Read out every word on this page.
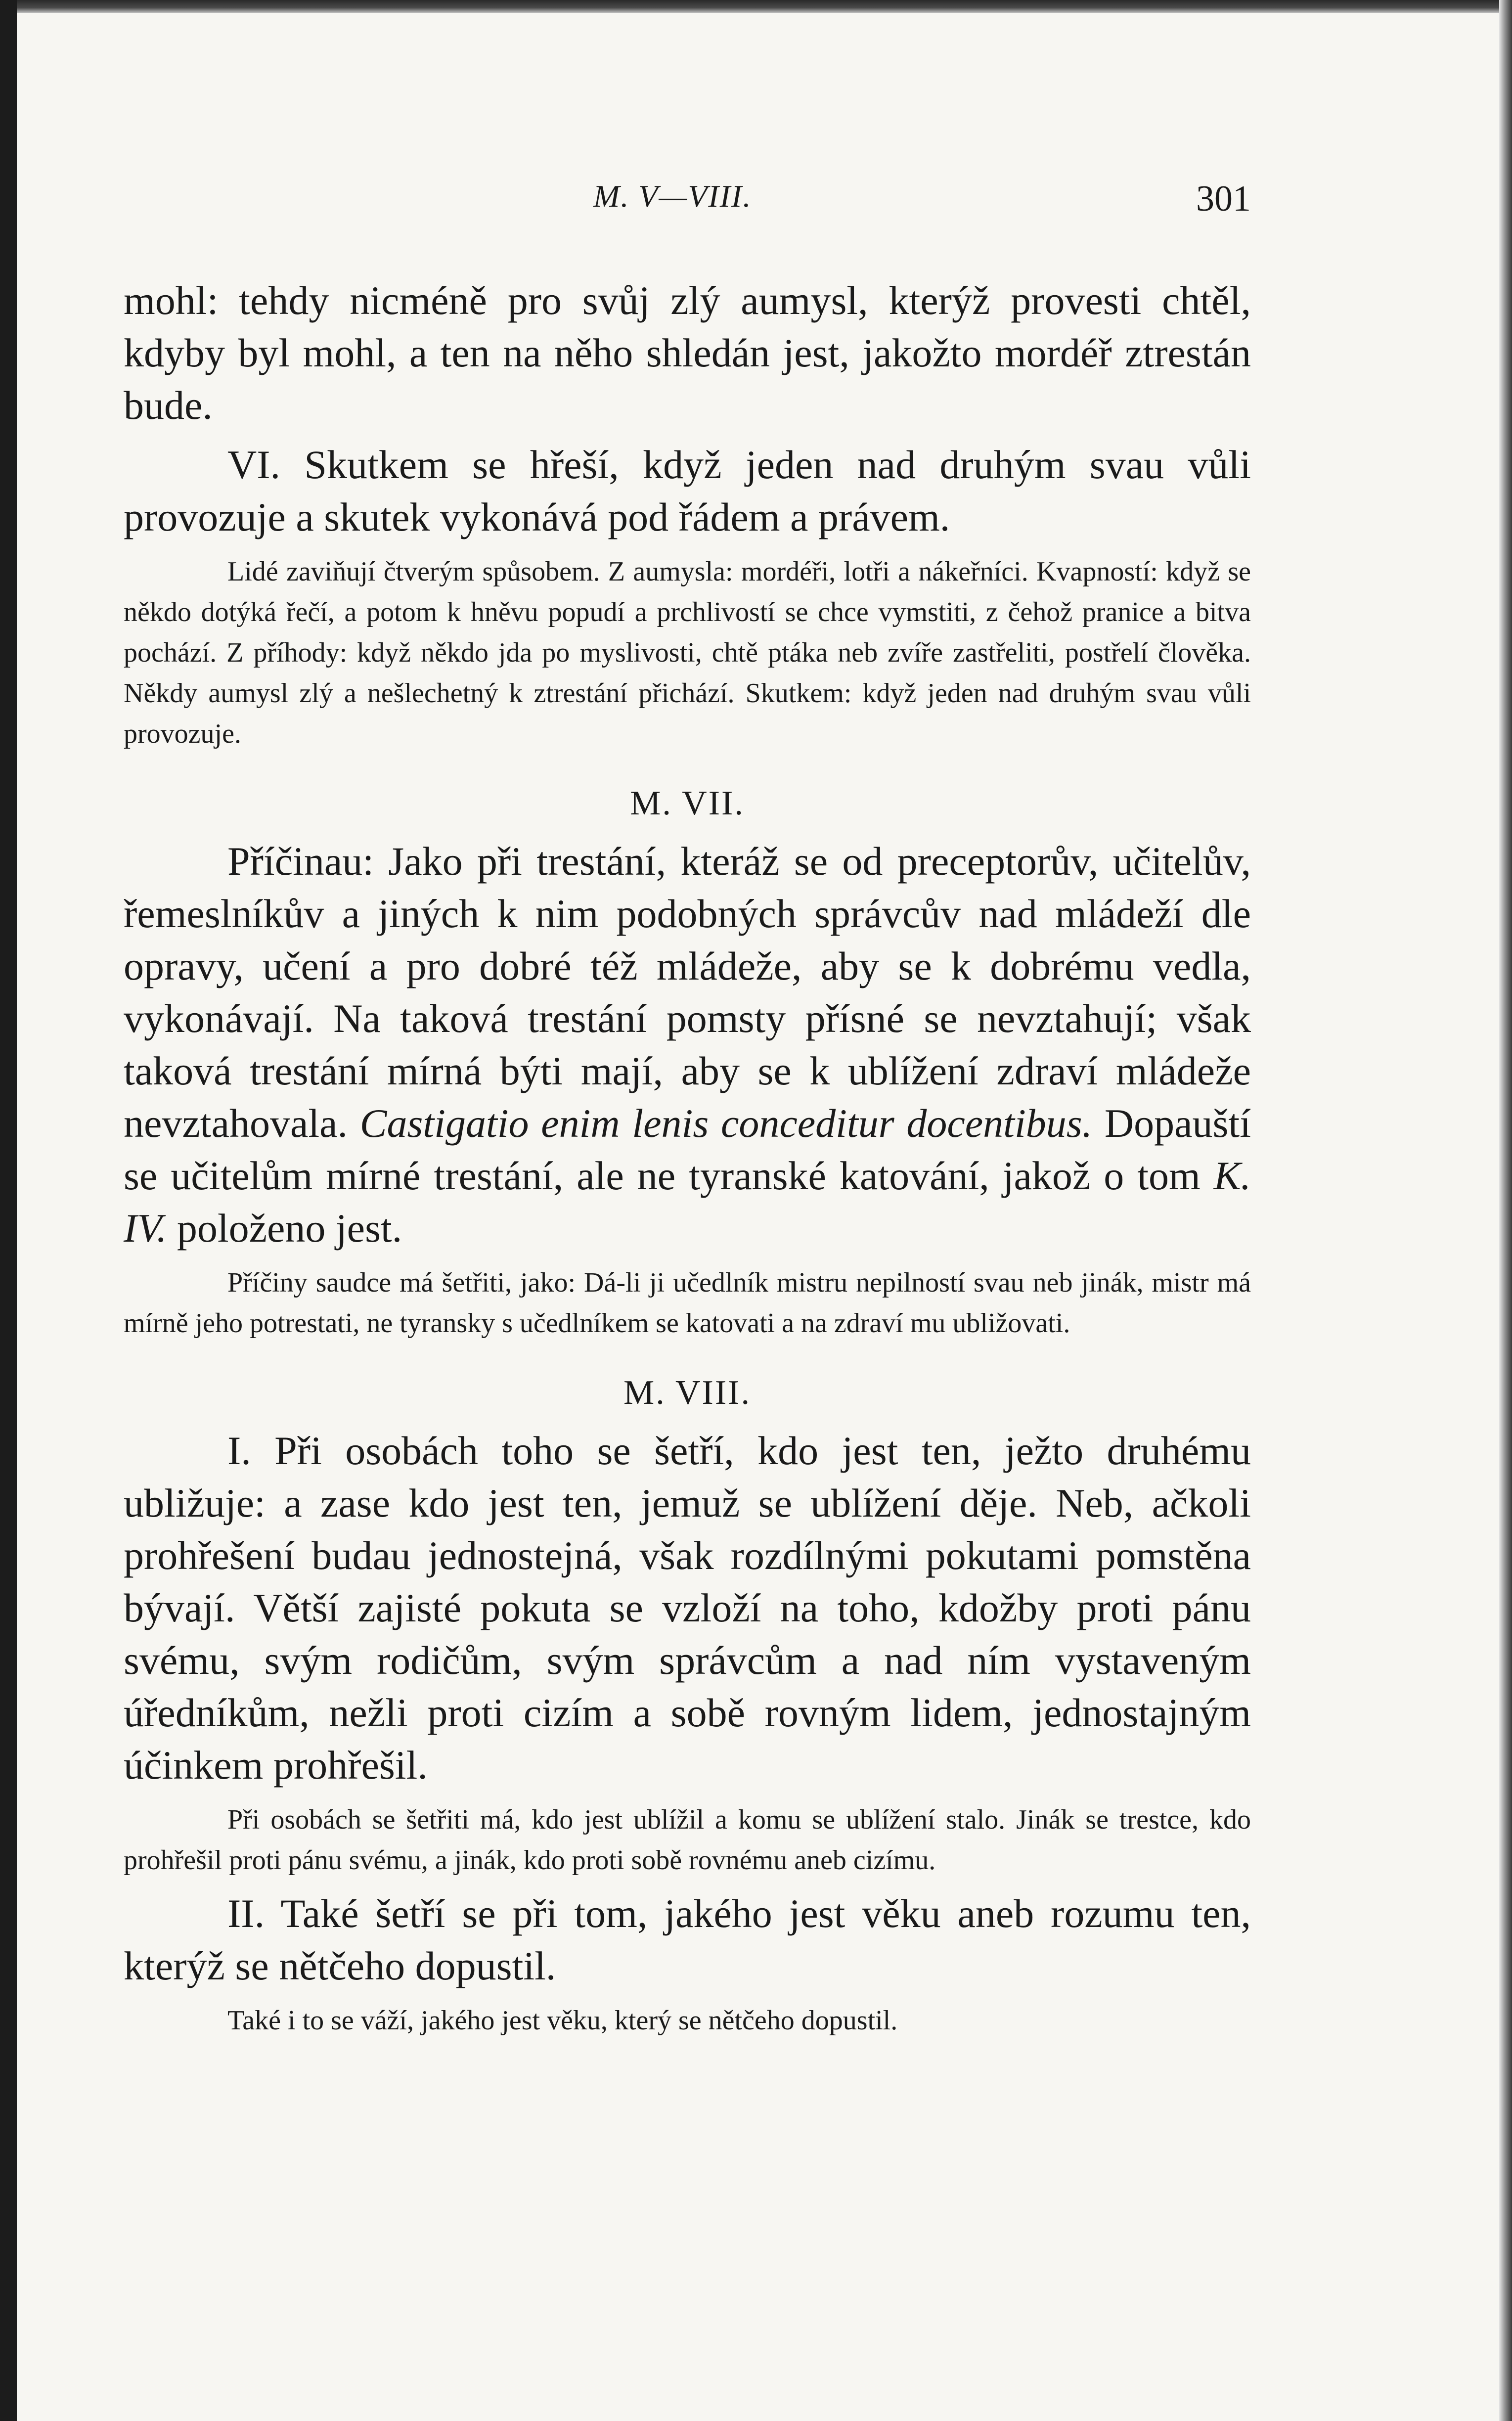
M. V—VIII.	301

mohl: tehdy nicméně pro svůj zlý aumysl, kterýž provesti chtěl, kdyby byl mohl, a ten na něho shledán jest, jakožto mordéř ztrestán bude.

VI. Skutkem se hřeší, když jeden nad druhým svau vůli provozuje a skutek vykonává pod řádem a právem.

Lidé zaviňují čtverým spůsobem. Z aumysla: mordéři, lotři a nákeřníci. Kvapností: když se někdo dotýká řečí, a potom k hněvu popudí a prchlivostí se chce vymstiti, z čehož pranice a bitva pochází. Z příhody: když někdo jda po myslivosti, chtě ptáka neb zvíře zastřeliti, postřelí člověka. Někdy aumysl zlý a nešlechetný k ztrestání přichází. Skutkem: když jeden nad druhým svau vůli provozuje.

M. VII.

Příčinau: Jako při trestání, kteráž se od preceptorův, učitelův, řemeslníkův a jiných k nim podobných správcův nad mládeží dle opravy, učení a pro dobré též mládeže, aby se k dobrému vedla, vykonávají. Na taková trestání pomsty přísné se nevztahují; však taková trestání mírná býti mají, aby se k ublížení zdraví mládeže nevztahovala. Castigatio enim lenis conceditur docentibus. Dopauští se učitelům mírné trestání, ale ne tyranské katování, jakož o tom K. IV. položeno jest.

Příčiny saudce má šetřiti, jako: Dá-li ji učedlník mistru nepilností svau neb jinák, mistr má mírně jeho potrestati, ne tyransky s učedlníkem se katovati a na zdraví mu ubližovati.

M. VIII.

I. Při osobách toho se šetří, kdo jest ten, ježto druhému ubližuje: a zase kdo jest ten, jemuž se ublížení děje. Neb, ačkoli prohřešení budau jednostejná, však rozdílnými pokutami pomstěna bývají. Větší zajisté pokuta se vzloží na toho, kdožby proti pánu svému, svým rodičům, svým správcům a nad ním vystaveným úředníkům, nežli proti cizím a sobě rovným lidem, jednostajným účinkem prohřešil.

Při osobách se šetřiti má, kdo jest ublížil a komu se ublížení stalo. Jinák se trestce, kdo prohřešil proti pánu svému, a jinák, kdo proti sobě rovnému aneb cizímu.

II. Také šetří se při tom, jakého jest věku aneb rozumu ten, kterýž se nětčeho dopustil.

Také i to se váží, jakého jest věku, který se nětčeho dopustil.
